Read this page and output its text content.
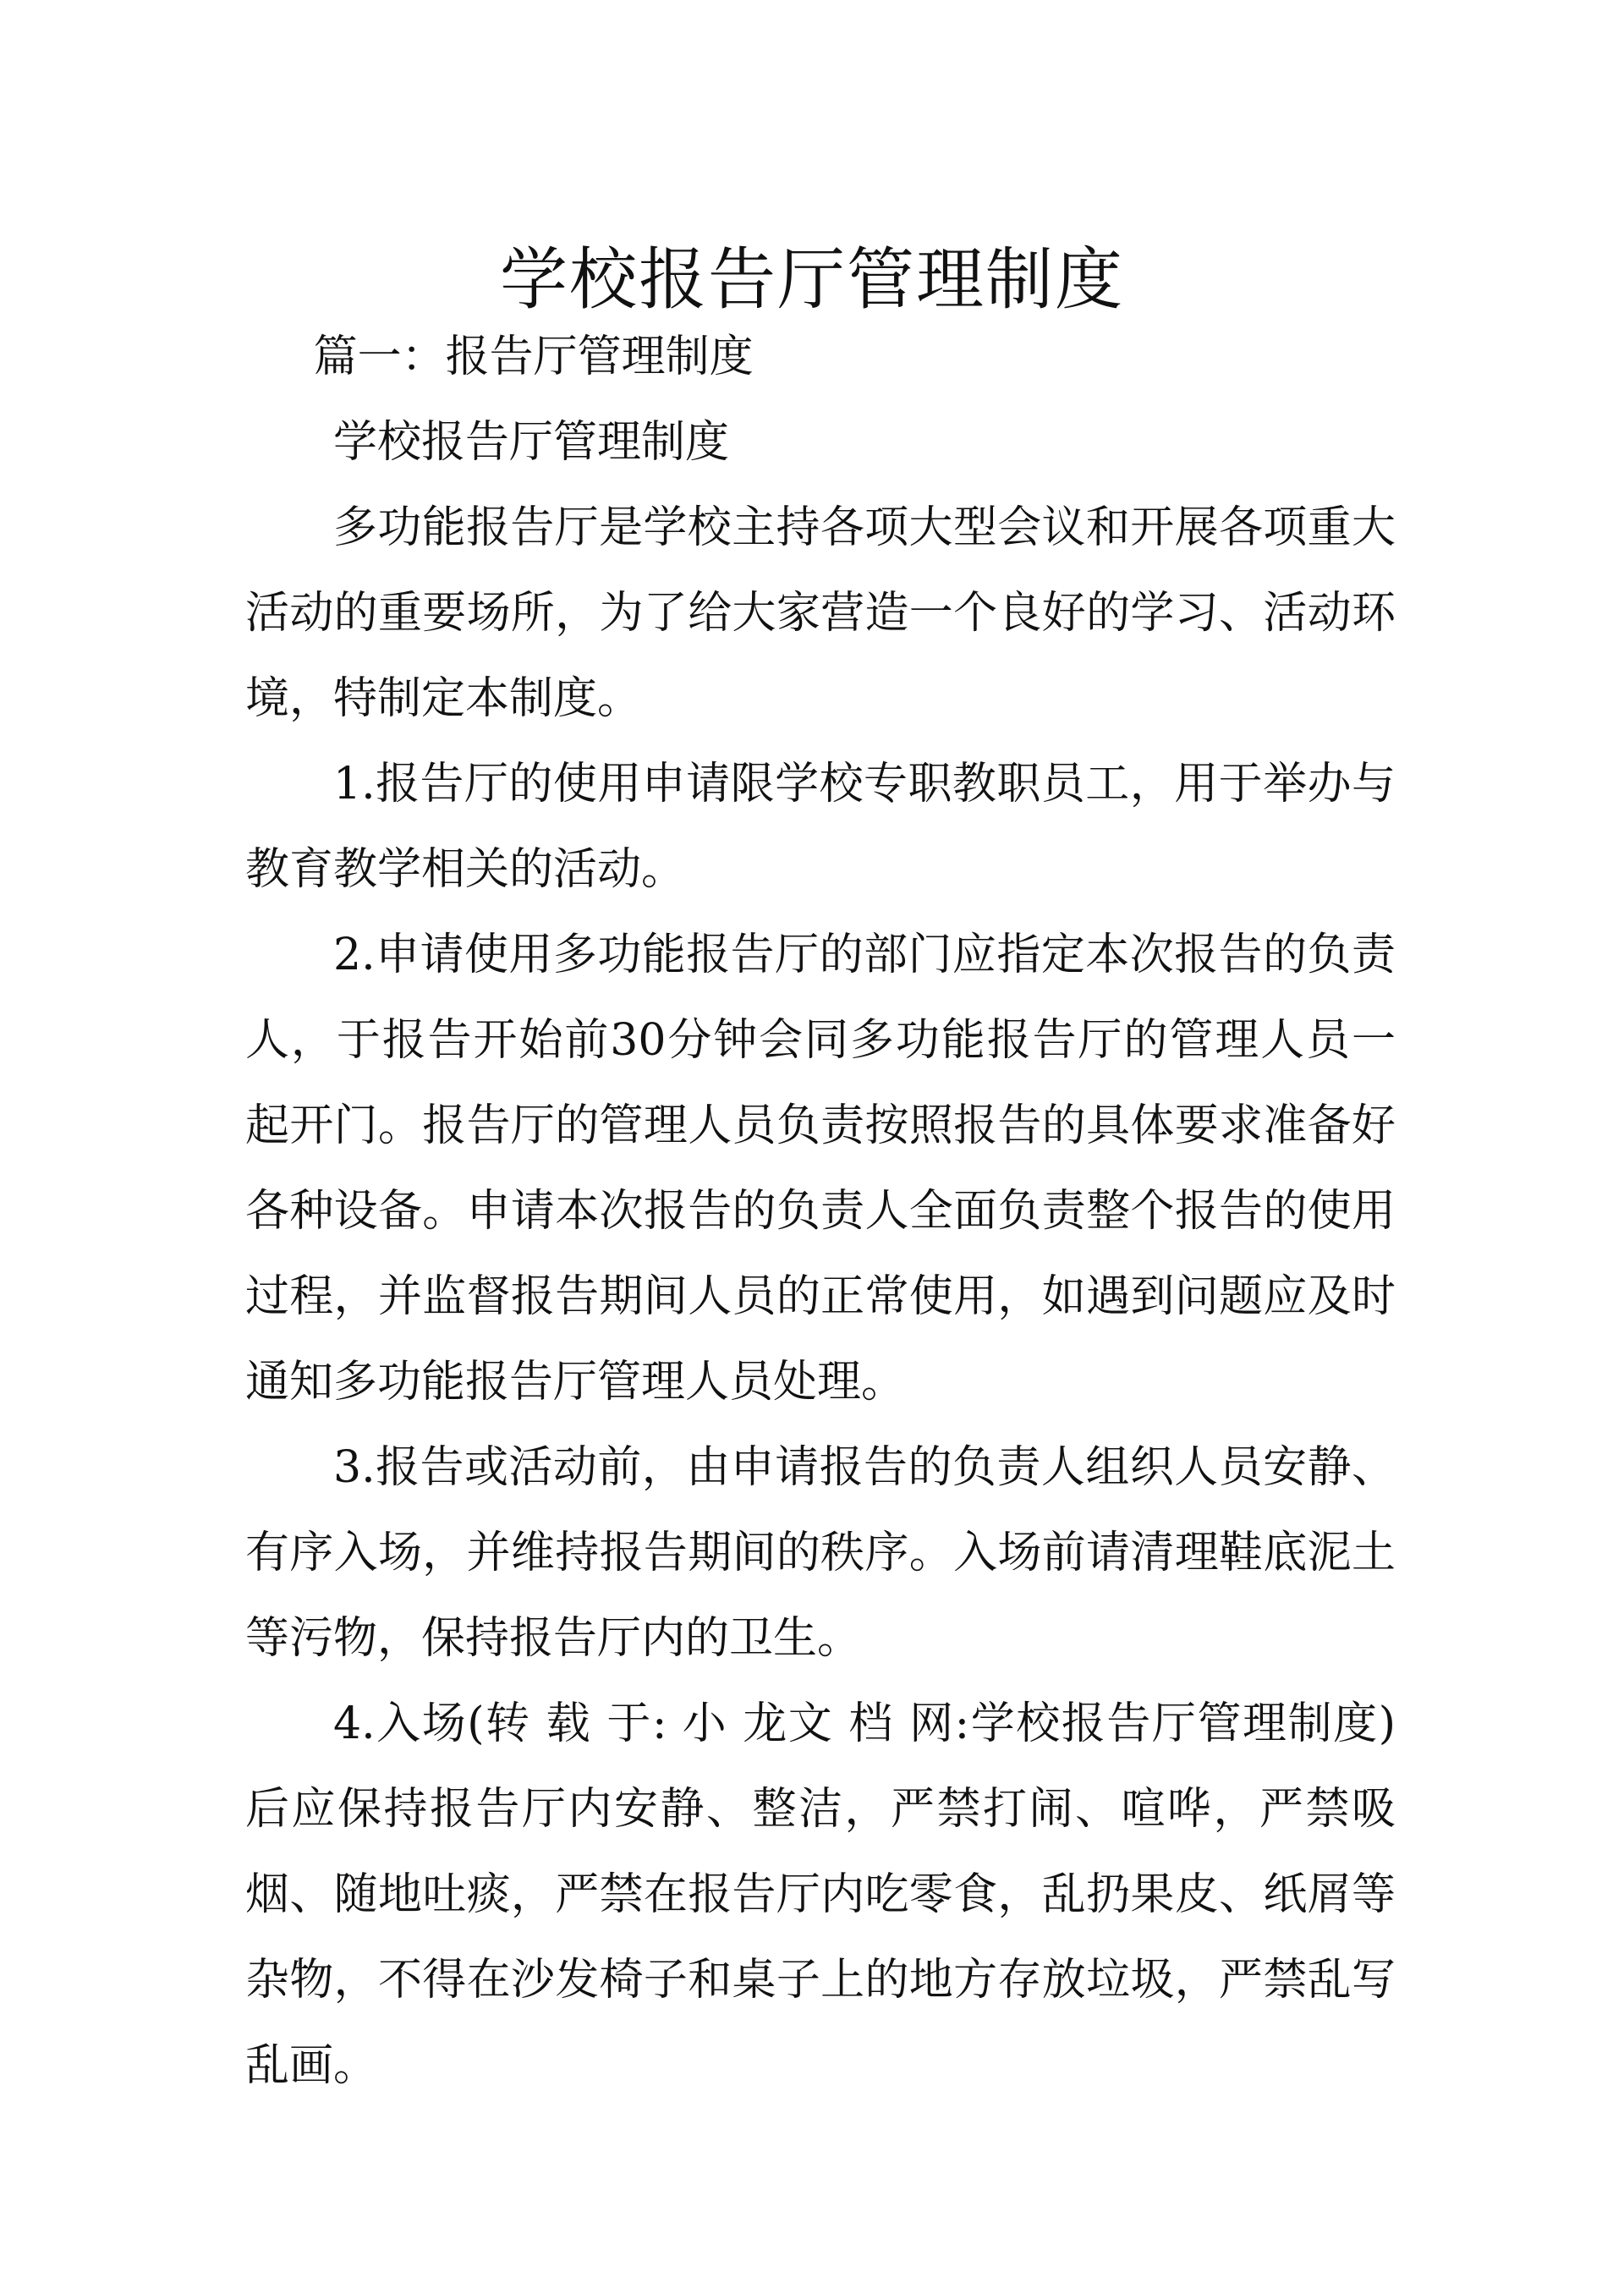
学校报告厅管理制度

篇一：报告厅管理制度

学校报告厅管理制度

多功能报告厅是学校主持各项大型会议和开展各项重大活动的重要场所，为了给大家营造一个良好的学习、活动环境，特制定本制度。

1.报告厅的使用申请限学校专职教职员工，用于举办与教育教学相关的活动。

2.申请使用多功能报告厅的部门应指定本次报告的负责人，于报告开始前30分钟会同多功能报告厅的管理人员一起开门。报告厅的管理人员负责按照报告的具体要求准备好各种设备。申请本次报告的负责人全面负责整个报告的使用过程，并监督报告期间人员的正常使用，如遇到问题应及时通知多功能报告厅管理人员处理。

3.报告或活动前，由申请报告的负责人组织人员安静、有序入场，并维持报告期间的秩序。入场前请清理鞋底泥土等污物，保持报告厅内的卫生。

4.入场(转 载 于: 小 龙文 档 网:学校报告厅管理制度)后应保持报告厅内安静、整洁，严禁打闹、喧哗，严禁吸烟、随地吐痰，严禁在报告厅内吃零食，乱扔果皮、纸屑等杂物，不得在沙发椅子和桌子上的地方存放垃圾，严禁乱写乱画。
